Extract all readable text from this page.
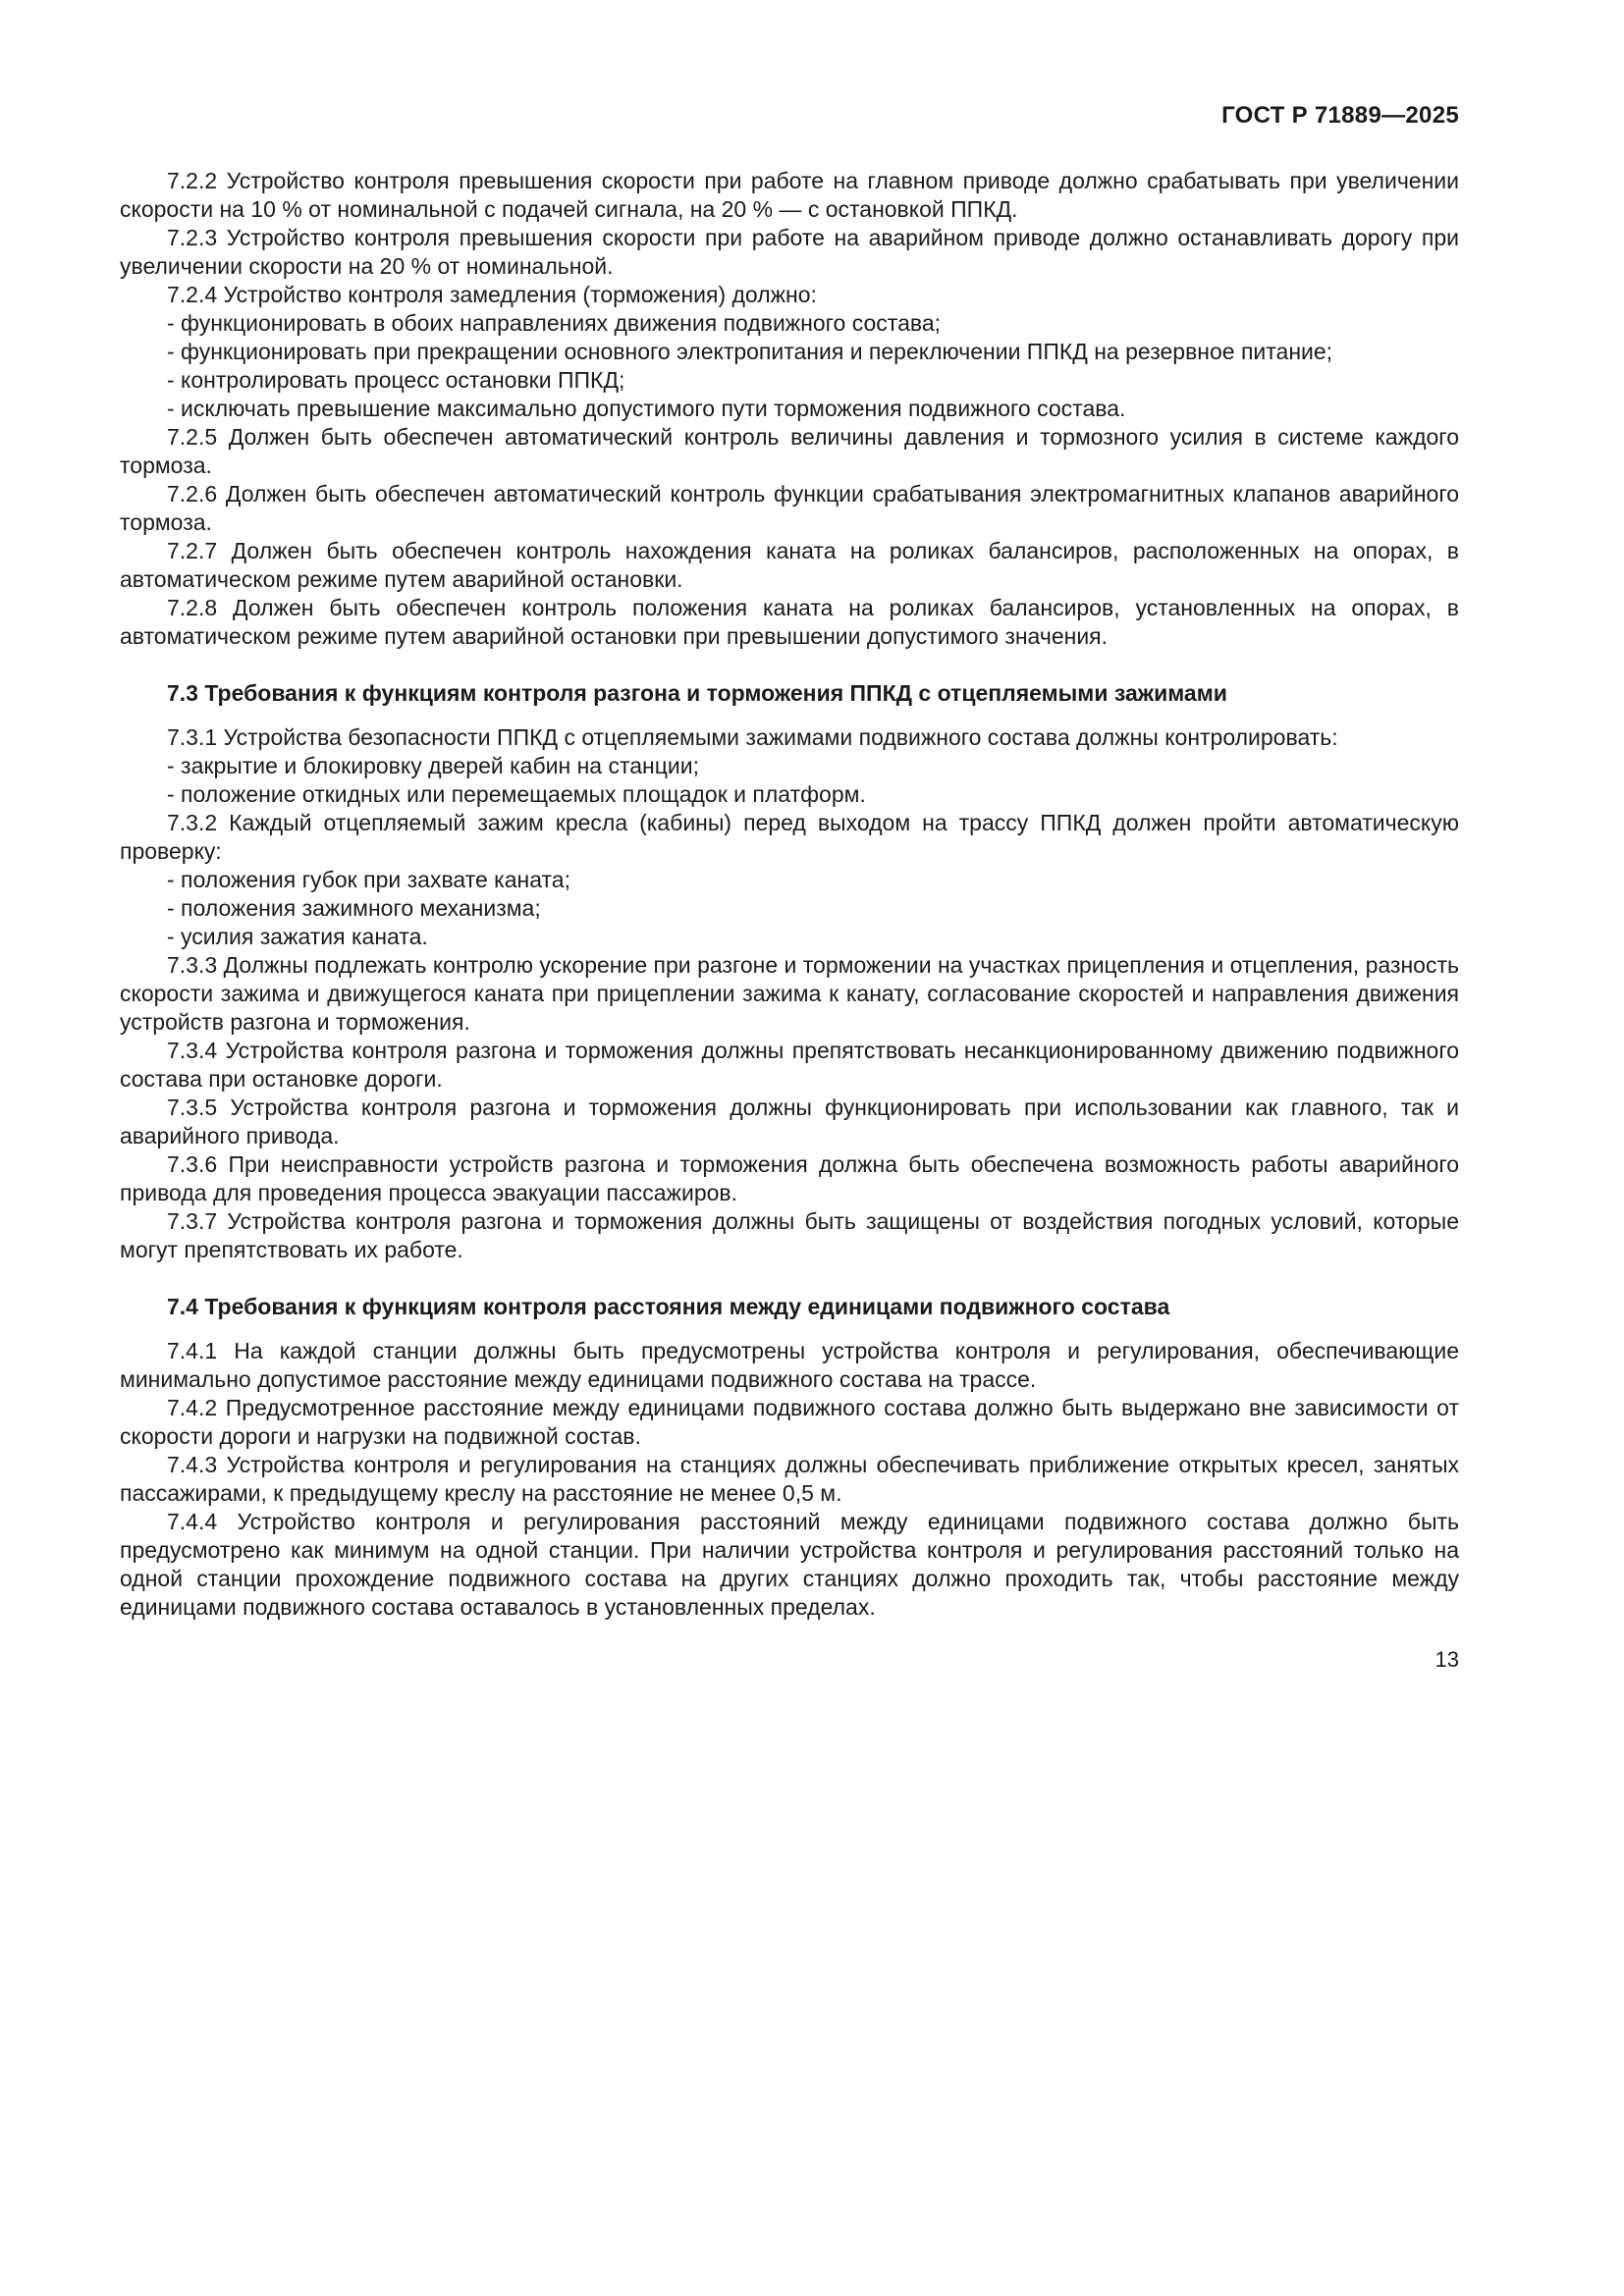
ГОСТ Р 71889—2025

7.2.2 Устройство контроля превышения скорости при работе на главном приводе должно срабатывать при увеличении скорости на 10 % от номинальной с подачей сигнала, на 20 % — с остановкой ППКД.

7.2.3 Устройство контроля превышения скорости при работе на аварийном приводе должно останавливать дорогу при увеличении скорости на 20 % от номинальной.

7.2.4 Устройство контроля замедления (торможения) должно:

- функционировать в обоих направлениях движения подвижного состава;

- функционировать при прекращении основного электропитания и переключении ППКД на резервное питание;

- контролировать процесс остановки ППКД;

- исключать превышение максимально допустимого пути торможения подвижного состава.

7.2.5 Должен быть обеспечен автоматический контроль величины давления и тормозного усилия в системе каждого тормоза.

7.2.6 Должен быть обеспечен автоматический контроль функции срабатывания электромагнитных клапанов аварийного тормоза.

7.2.7 Должен быть обеспечен контроль нахождения каната на роликах балансиров, расположенных на опорах, в автоматическом режиме путем аварийной остановки.

7.2.8 Должен быть обеспечен контроль положения каната на роликах балансиров, установленных на опорах, в автоматическом режиме путем аварийной остановки при превышении допустимого значения.

7.3 Требования к функциям контроля разгона и торможения ППКД с отцепляемыми зажимами

7.3.1 Устройства безопасности ППКД с отцепляемыми зажимами подвижного состава должны контролировать:

- закрытие и блокировку дверей кабин на станции;

- положение откидных или перемещаемых площадок и платформ.

7.3.2 Каждый отцепляемый зажим кресла (кабины) перед выходом на трассу ППКД должен пройти автоматическую проверку:

- положения губок при захвате каната;

- положения зажимного механизма;

- усилия зажатия каната.

7.3.3 Должны подлежать контролю ускорение при разгоне и торможении на участках прицепления и отцепления, разность скорости зажима и движущегося каната при прицеплении зажима к канату, согласование скоростей и направления движения устройств разгона и торможения.

7.3.4 Устройства контроля разгона и торможения должны препятствовать несанкционированному движению подвижного состава при остановке дороги.

7.3.5 Устройства контроля разгона и торможения должны функционировать при использовании как главного, так и аварийного привода.

7.3.6 При неисправности устройств разгона и торможения должна быть обеспечена возможность работы аварийного привода для проведения процесса эвакуации пассажиров.

7.3.7 Устройства контроля разгона и торможения должны быть защищены от воздействия погодных условий, которые могут препятствовать их работе.

7.4 Требования к функциям контроля расстояния между единицами подвижного состава

7.4.1 На каждой станции должны быть предусмотрены устройства контроля и регулирования, обеспечивающие минимально допустимое расстояние между единицами подвижного состава на трассе.

7.4.2 Предусмотренное расстояние между единицами подвижного состава должно быть выдержано вне зависимости от скорости дороги и нагрузки на подвижной состав.

7.4.3 Устройства контроля и регулирования на станциях должны обеспечивать приближение открытых кресел, занятых пассажирами, к предыдущему креслу на расстояние не менее 0,5 м.

7.4.4 Устройство контроля и регулирования расстояний между единицами подвижного состава должно быть предусмотрено как минимум на одной станции. При наличии устройства контроля и регулирования расстояний только на одной станции прохождение подвижного состава на других станциях должно проходить так, чтобы расстояние между единицами подвижного состава оставалось в установленных пределах.

13
